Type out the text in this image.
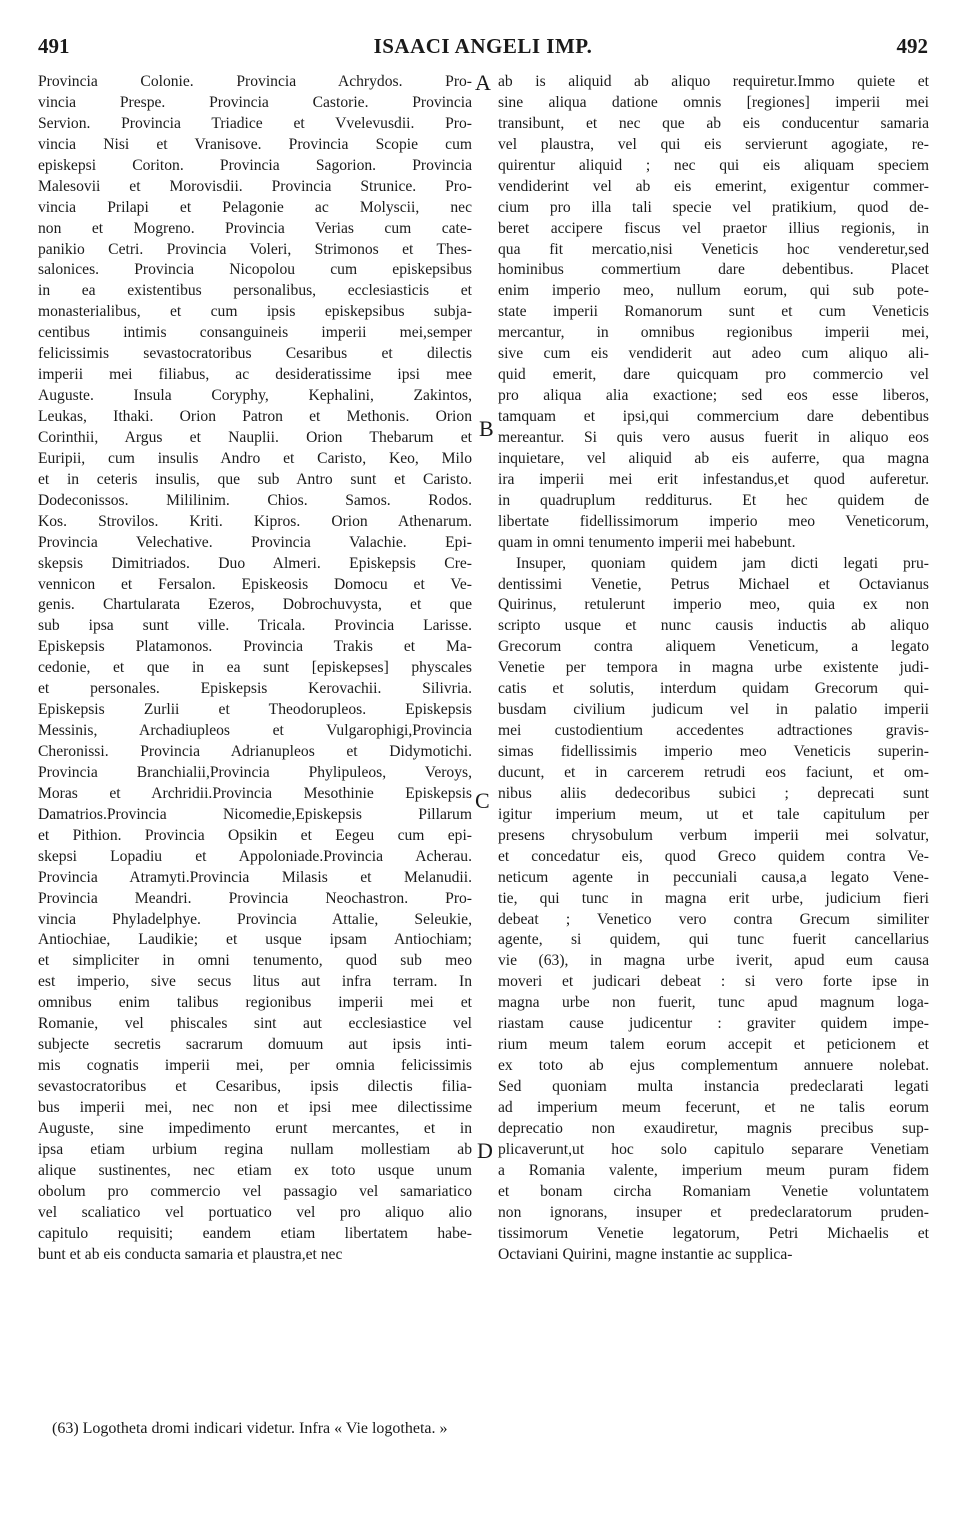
491	ISAACI ANGELI IMP.	492
Provincia Colonie. Provincia Achrydos. Pro-
vincia Prespe. Provincia Castorie. Provincia
Servion. Provincia Triadice et Vvelevusdii. Pro-
vincia Nisi et Vranisove. Provincia Scopie cum
episkepsi Coriton. Provincia Sagorion. Provincia
Malesovii et Morovisdii. Provincia Strunice. Pro-
vincia Prilapi et Pelagonie ac Molyscii, nec
non et Mogreno. Provincia Verias cum cate-
panikio Cetri. Provincia Voleri, Strimonos et Thes-
salonices. Provincia Nicopolou cum episkepsibus
in ea existentibus personalibus, ecclesiasticis et
monasterialibus, et cum ipsis episkepsibus subja-
centibus intimis consanguineis imperii mei,semper
felicissimis sevastocratoribus Cesaribus et dilectis
imperii mei filiabus, ac desideratissime ipsi mee
Auguste. Insula Coryphy, Kephalini, Zakintos,
Leukas, Ithaki. Orion Patron et Methonis. Orion
Corinthii, Argus et Nauplii. Orion Thebarum et
Euripii, cum insulis Andro et Caristo, Keo, Milo
et in ceteris insulis, que sub Antro sunt et Caristo.
Dodeconissos. Mililinim. Chios. Samos. Rodos.
Kos. Strovilos. Kriti. Kipros. Orion Athenarum.
Provincia Velechative. Provincia Valachie. Epi-
skepsis Dimitriados. Duo Almeri. Episkepsis Cre-
vennicon et Fersalon. Episkeosis Domocu et Ve-
genis. Chartularata Ezeros, Dobrochuvysta, et que
sub ipsa sunt ville. Tricala. Provincia Larisse.
Episkepsis Platamonos. Provincia Trakis et Ma-
cedonie, et que in ea sunt [episkepses] physcales
et personales. Episkepsis Kerovachii. Silivria.
Episkepsis Zurlii et Theodorupleos. Episkepsis
Messinis, Archadiupleos et Vulgarophigi,Provincia
Cheronissi. Provincia Adrianupleos et Didymotichi.
Provincia Branchialii,Provincia Phylipuleos, Veroys,
Moras et Archridii.Provincia Mesothinie Episkepsis
Damatrios.Provincia Nicomedie,Episkepsis Pillarum
et Pithion. Provincia Opsikin et Eegeu cum epi-
skepsi Lopadiu et Appoloniade.Provincia Acherau.
Provincia Atramyti.Provincia Milasis et Melanudii.
Provincia Meandri. Provincia Neochastron. Pro-
vincia Phyladelphye. Provincia Attalie, Seleukie,
Antiochiae, Laudikie; et usque ipsam Antiochiam;
et simpliciter in omni tenumento, quod sub meo
est imperio, sive secus litus aut infra terram. In
omnibus enim talibus regionibus imperii mei et
Romanie, vel phiscales sint aut ecclesiastice vel
subjecte secretis sacrarum domuum aut ipsis inti-
mis cognatis imperii mei, per omnia felicissimis
sevastocratoribus et Cesaribus, ipsis dilectis filia-
bus imperii mei, nec non et ipsi mee dilectissime
Auguste, sine impedimento erunt mercantes, et in
ipsa etiam urbium regina nullam mollestiam ab
alique sustinentes, nec etiam ex toto usque unum
obolum pro commercio vel passagio vel samariatico
vel scaliatico vel portuatico vel pro aliquo alio
capitulo requisiti; eandem etiam libertatem habe-
bunt et ab eis conducta samaria et plaustra,et nec
ab is aliquid ab aliquo requiretur.Immo quiete et
sine aliqua datione omnis [regiones] imperii mei
transibunt, et nec que ab eis conducentur samaria
vel plaustra, vel qui eis servierunt agogiate, re-
quirentur aliquid ; nec qui eis aliquam speciem
vendiderint vel ab eis emerint, exigentur commer-
cium pro illa tali specie vel pratikium, quod de-
beret accipere fiscus vel praetor illius regionis, in
qua fit mercatio,nisi Veneticis hoc venderetur,sed
hominibus commertium dare debentibus. Placet
enim imperio meo, nullum eorum, qui sub pote-
state imperii Romanorum sunt et cum Veneticis
mercantur, in omnibus regionibus imperii mei,
sive cum eis vendiderit aut adeo cum aliquo ali-
quid emerit, dare quicquam pro commercio vel
pro aliqua alia exactione; sed eos esse liberos,
tamquam et ipsi,qui commercium dare debentibus
mereantur. Si quis vero ausus fuerit in aliquo eos
inquietare, vel aliquid ab eis auferre, qua magna
ira imperii mei erit infestandus,et quod auferetur.
in quadruplum redditurus. Et hec quidem de
libertate fidellissimorum imperio meo Veneticorum,
quam in omni tenumento imperii mei habebunt.
Insuper, quoniam quidem jam dicti legati pru-
dentissimi Venetie, Petrus Michael et Octavianus
Quirinus, retulerunt imperio meo, quia ex non
scripto usque et nunc causis inductis ab aliquo
Grecorum contra aliquem Veneticum, a legato
Venetie per tempora in magna urbe existente judi-
catis et solutis, interdum quidam Grecorum qui-
busdam civilium judicum vel in palatio imperii
mei custodientium accedentes adtractiones gravis-
simas fidellissimis imperio meo Veneticis superin-
ducunt, et in carcerem retrudi eos faciunt, et om-
nibus aliis dedecoribus subici ; deprecati sunt
igitur imperium meum, ut et tale capitulum per
presens chrysobulum verbum imperii mei solvatur,
et concedatur eis, quod Greco quidem contra Ve-
neticum agente in peccuniali causa,a legato Vene-
tie, qui tunc in magna erit urbe, judicium fieri
debeat ; Venetico vero contra Grecum similiter
agente, si quidem, qui tunc fuerit cancellarius
vie (63), in magna urbe iverit, apud eum causa
moveri et judicari debeat : si vero forte ipse in
magna urbe non fuerit, tunc apud magnum loga-
riastam cause judicentur : graviter quidem impe-
rium meum talem eorum accepit et peticionem et
ex toto ab ejus complementum annuere nolebat.
Sed quoniam multa instancia predeclarati legati
ad imperium meum fecerunt, et ne talis eorum
deprecatio non exaudiretur, magnis precibus sup-
plicaverunt,ut hoc solo capitulo separare Venetiam
a Romania valente, imperium meum puram fidem
et bonam circha Romaniam Venetie voluntatem
non ignorans, insuper et predeclaratorum pruden-
tissimorum Venetie legatorum, Petri Michaelis et
Octaviani Quirini, magne instantie ac supplica-
A
B
C
D
(63) Logotheta dromi indicari videtur. Infra « Vie logotheta. »
